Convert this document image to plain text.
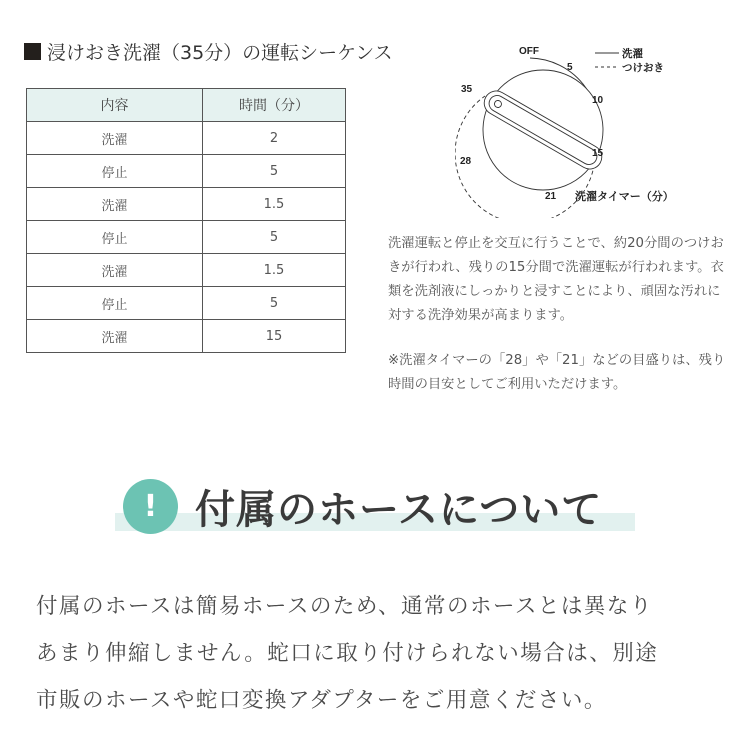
浸けおき洗濯（35分）の運転シーケンス
内容	時間（分）
洗濯	2
停止	5
洗濯	1.5
停止	5
洗濯	1.5
停止	5
洗濯	15
OFF
5
10
15
21
28
35
洗濯
つけおき
洗濯タイマー（分）
洗濯運転と停止を交互に行うことで、約20分間のつけおきが行われ、残りの15分間で洗濯運転が行われます。衣類を洗剤液にしっかりと浸すことにより、頑固な汚れに対する洗浄効果が高まります。
※洗濯タイマーの「28」や「21」などの目盛りは、残り時間の目安としてご利用いただけます。
! 付属のホースについて
付属のホースは簡易ホースのため、通常のホースとは異なり
あまり伸縮しません。蛇口に取り付けられない場合は、別途
市販のホースや蛇口変換アダプターをご用意ください。
